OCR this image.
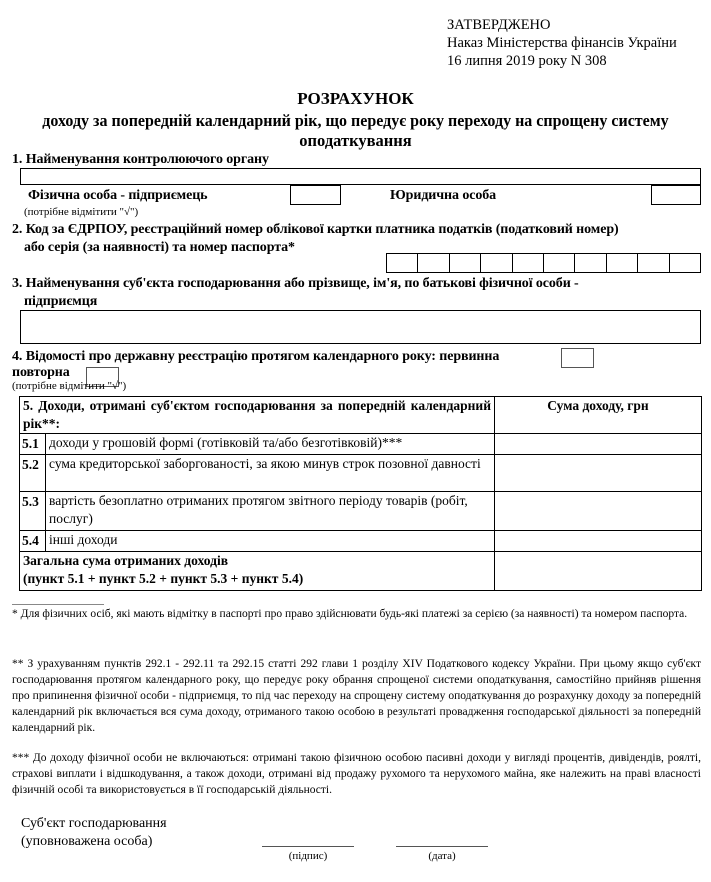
ЗАТВЕРДЖЕНО
Наказ Міністерства фінансів України
16 липня 2019 року N 308
РОЗРАХУНОК
доходу за попередній календарний рік, що передує року переходу на спрощену систему
оподаткування
1. Найменування контролюючого органу
Фізична особа - підприємець	Юридична особа
(потрібне відмітити "√")
2. Код за ЄДРПОУ, реєстраційний номер облікової картки платника податків (податковий номер)
або серія (за наявності) та номер паспорта*
3. Найменування суб'єкта господарювання або прізвище, ім'я, по батькові фізичної особи -
підприємця
4. Відомості про державну реєстрацію протягом календарного року: первинна
повторна
(потрібне відмітити "√")
5. Доходи, отримані суб'єктом господарювання за попередній календарний рік**:		Сума доходу, грн
5.1	доходи у грошовій формі (готівковій та/або безготівковій)***	
5.2	сума кредиторської заборгованості, за якою минув строк позовної давності	
5.3	вартість безоплатно отриманих протягом звітного періоду товарів (робіт, послуг)	
5.4	інші доходи	

Загальна сума отриманих доходів
(пункт 5.1 + пункт 5.2 + пункт 5.3 + пункт 5.4)		

* Для фізичних осіб, які мають відмітку в паспорті про право здійснювати будь-які платежі за серією (за наявності) та номером паспорта.
** З урахуванням пунктів 292.1 - 292.11 та 292.15 статті 292 глави 1 розділу XIV Податкового кодексу України. При цьому якщо суб'єкт господарювання протягом календарного року, що передує року обрання спрощеної системи оподаткування, самостійно прийняв рішення про припинення фізичної особи - підприємця, то під час переходу на спрощену систему оподаткування до розрахунку доходу за попередній календарний рік включається вся сума доходу, отриманого такою особою в результаті провадження господарської діяльності за попередній календарний рік.
*** До доходу фізичної особи не включаються: отримані такою фізичною особою пасивні доходи у вигляді процентів, дивідендів, роялті, страхові виплати і відшкодування, а також доходи, отримані від продажу рухомого та нерухомого майна, яке належить на праві власності фізичній особі та використовується в її господарській діяльності.
Суб'єкт господарювання
(уповноважена особа)
(підпис)	(дата)
